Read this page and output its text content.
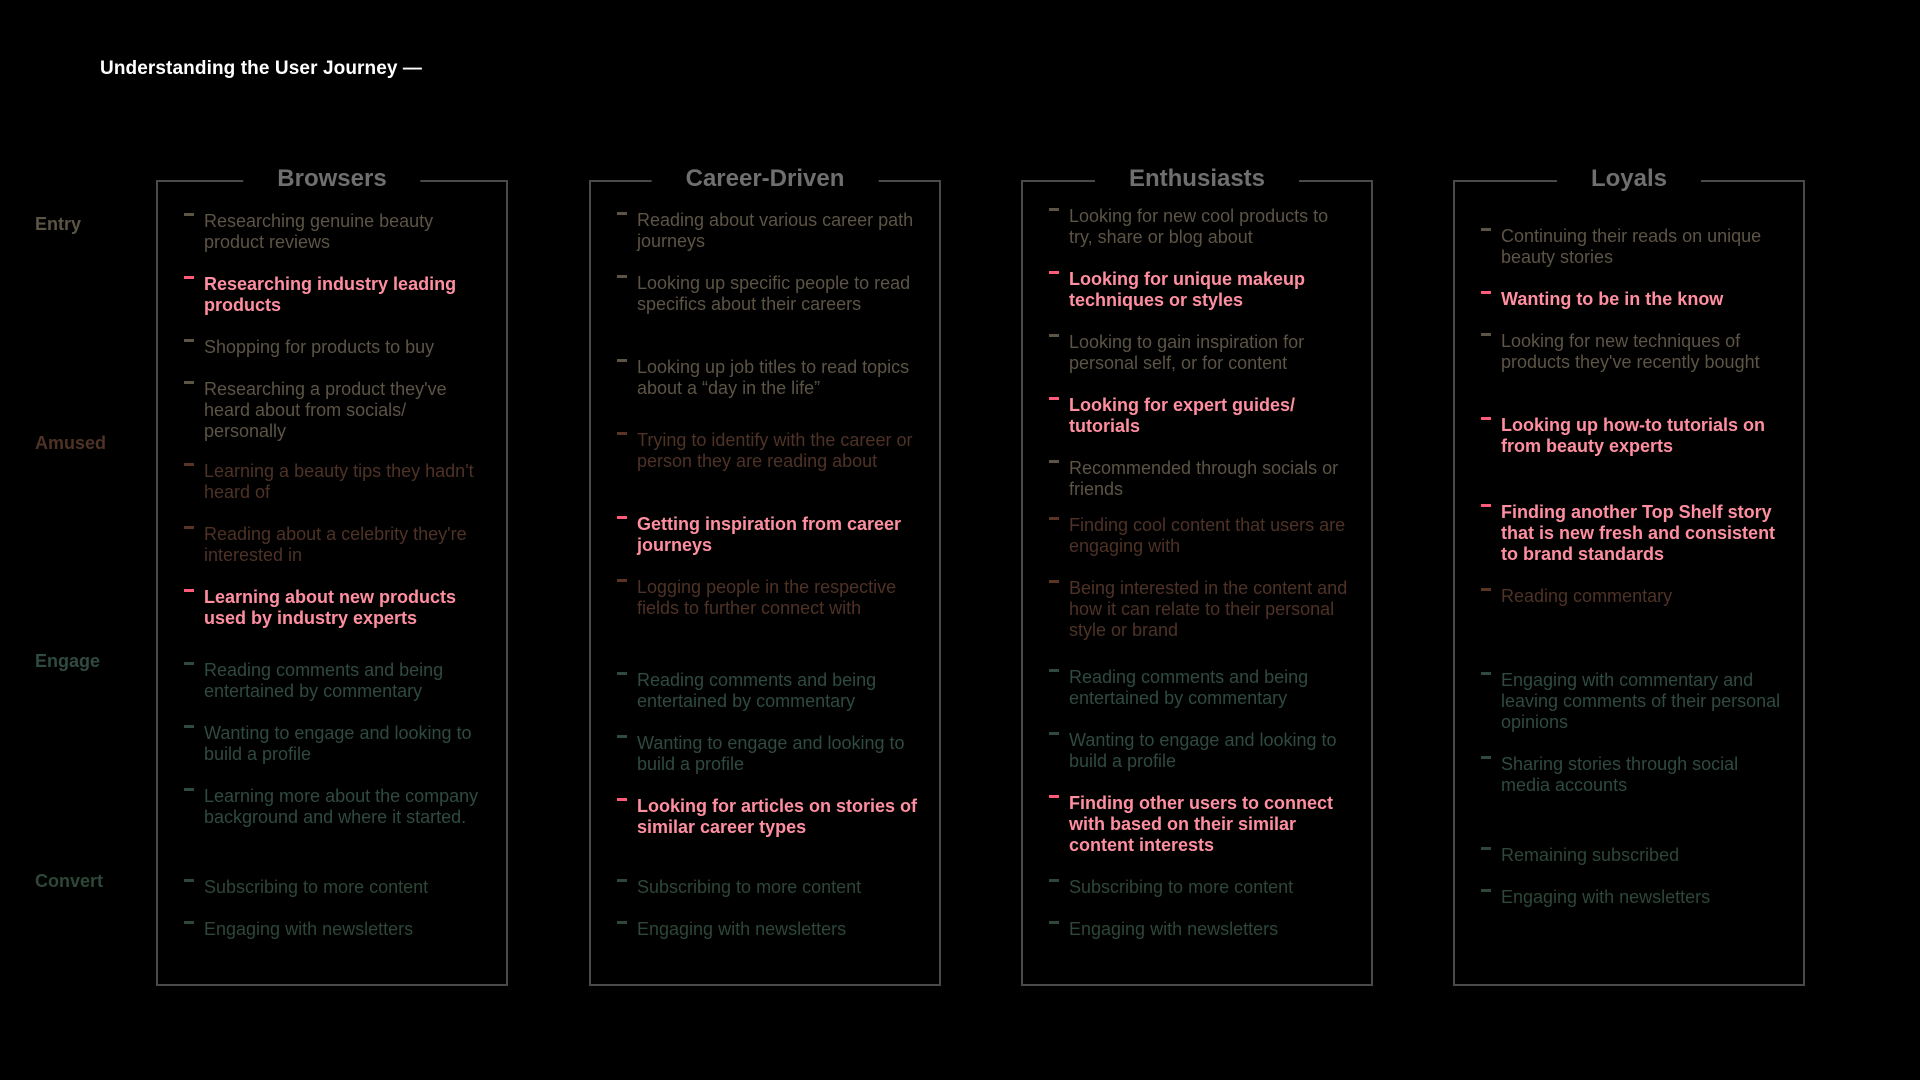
Understanding the User Journey —

Entry

Amused

Engage

Convert

Browsers
Researching genuine beauty product reviews
Researching industry leading products
Shopping for products to buy
Researching a product they've heard about from socials/ personally
Learning a beauty tips they hadn't heard of
Reading about a celebrity they're interested in
Learning about new products used by industry experts
Reading comments and being entertained by commentary
Wanting to engage and looking to build a profile
Learning more about the company background and where it started.
Subscribing to more content
Engaging with newsletters
Career-Driven
Reading about various career path journeys
Looking up specific people to read specifics about their careers
Looking up job titles to read topics about a “day in the life”
Trying to identify with the career or person they are reading about
Getting inspiration from career journeys
Logging people in the respective fields to further connect with
Reading comments and being entertained by commentary
Wanting to engage and looking to build a profile
Looking for articles on stories of similar career types
Subscribing to more content
Engaging with newsletters
Enthusiasts
Looking for new cool products to try, share or blog about
Looking for unique makeup techniques or styles
Looking to gain inspiration for personal self, or for content
Looking for expert guides/ tutorials
Recommended through socials or friends
Finding cool content that users are engaging with
Being interested in the content and how it can relate to their personal style or brand
Reading comments and being entertained by commentary
Wanting to engage and looking to build a profile
Finding other users to connect with based on their similar content interests
Subscribing to more content
Engaging with newsletters
Loyals
Continuing their reads on unique beauty stories
Wanting to be in the know
Looking for new techniques of products they've recently bought
Looking up how-to tutorials on from beauty experts
Finding another Top Shelf story that is new fresh and consistent to brand standards
Reading commentary
Engaging with commentary and leaving comments of their personal opinions
Sharing stories through social media accounts
Remaining subscribed
Engaging with newsletters
